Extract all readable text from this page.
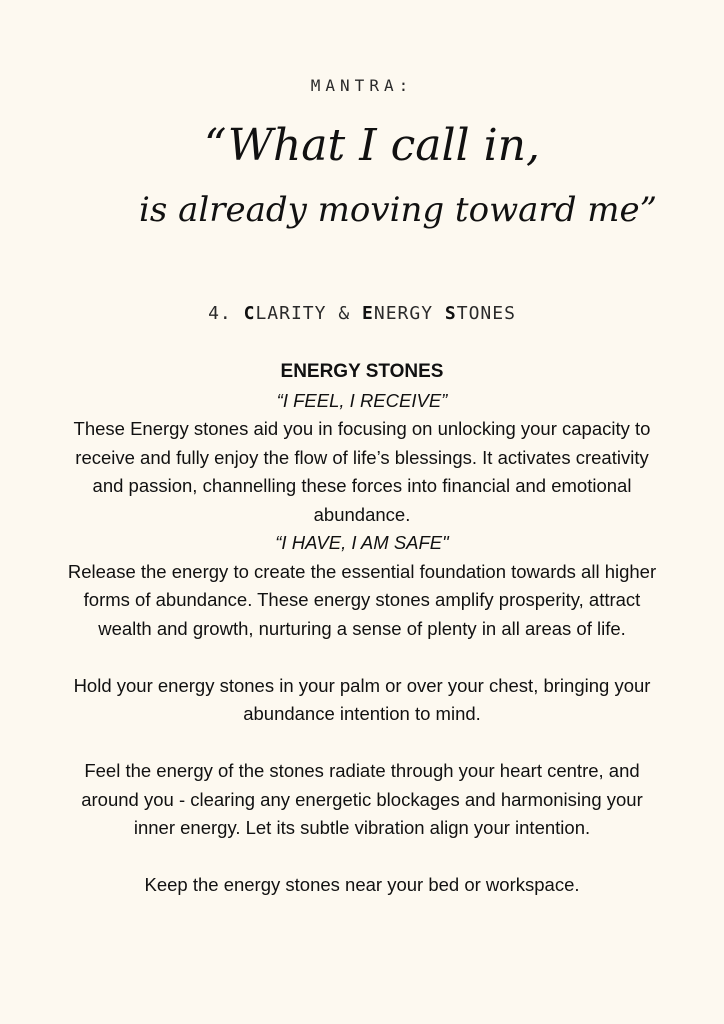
MANTRA:
“What I call in,
is already moving toward me”
4. CLARITY & ENERGY STONES

ENERGY STONES

“I FEEL, I RECEIVE”

These Energy stones aid you in focusing on unlocking your capacity to receive and fully enjoy the flow of life’s blessings. It activates creativity and passion, channelling these forces into financial and emotional abundance.

“I HAVE, I AM SAFE"

Release the energy to create the essential foundation towards all higher forms of abundance. These energy stones amplify prosperity, attract wealth and growth, nurturing a sense of plenty in all areas of life.

Hold your energy stones in your palm or over your chest, bringing your abundance intention to mind.

Feel the energy of the stones radiate through your heart centre, and around you - clearing any energetic blockages and harmonising your inner energy. Let its subtle vibration align your intention.

Keep the energy stones near your bed or workspace.
